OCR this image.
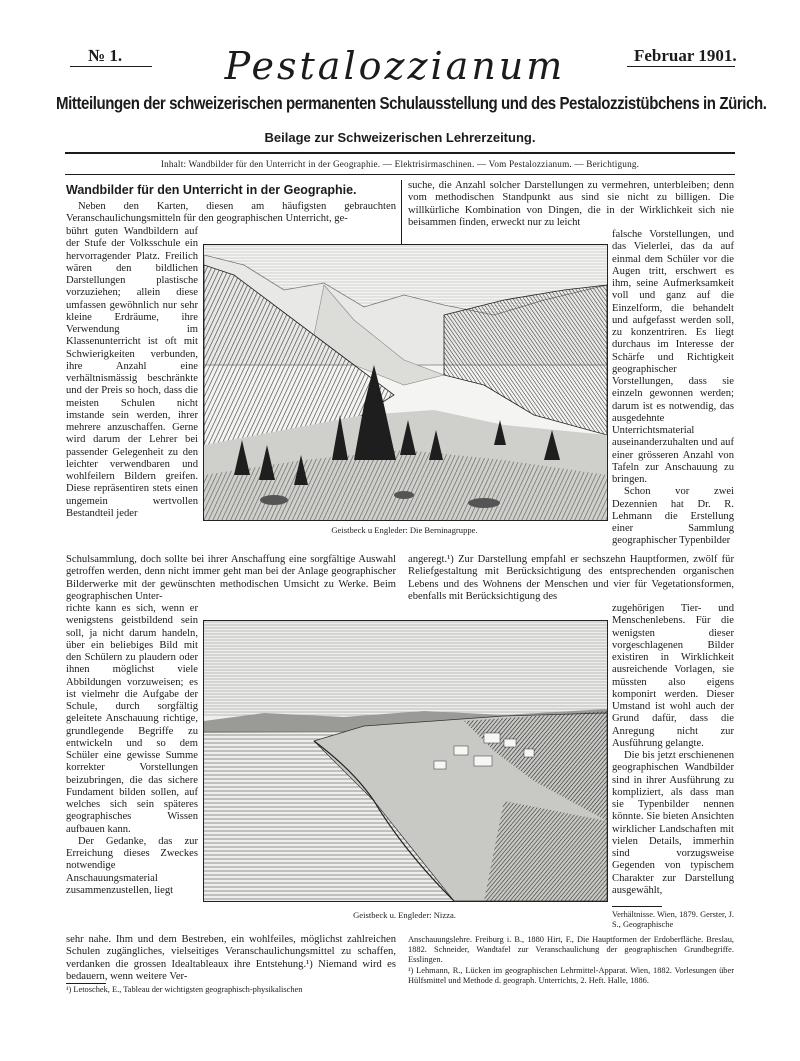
№ 1.	Februar 1901.
Pestalozzianum
Mitteilungen der schweizerischen permanenten Schulausstellung und des Pestalozzistübchens in Zürich.
Beilage zur Schweizerischen Lehrerzeitung.
Inhalt: Wandbilder für den Unterricht in der Geographie. — Elektrisirmaschinen. — Vom Pestalozzianum. — Berichtigung.
Wandbilder für den Unterricht in der Geographie.

Neben den Karten, diesen am häufigsten gebrauchten Veranschaulichungsmitteln für den geographischen Unterricht, ge-

bührt guten Wandbildern auf der Stufe der Volksschule ein hervorragender Platz. Freilich wären den bildlichen Darstellungen plastische vorzuziehen; allein diese umfassen gewöhnlich nur sehr kleine Erdräume, ihre Verwendung im Klassenunterricht ist oft mit Schwierigkeiten verbunden, ihre Anzahl eine verhältnismässig beschränkte und der Preis so hoch, dass die meisten Schulen nicht imstande sein werden, ihrer mehrere anzuschaffen. Gerne wird darum der Lehrer bei passender Gelegenheit zu den leichter verwendbaren und wohlfeilern Bildern greifen. Diese repräsentiren stets einen ungemein wertvollen Bestandteil jeder

suche, die Anzahl solcher Darstellungen zu vermehren, unterbleiben; denn vom methodischen Standpunkt aus sind sie nicht zu billigen. Die willkürliche Kombination von Dingen, die in der Wirklichkeit sich nie beisammen finden, erweckt nur zu leicht

falsche Vorstellungen, und das Vielerlei, das da auf einmal dem Schüler vor die Augen tritt, erschwert es ihm, seine Aufmerksamkeit voll und ganz auf die Einzelform, die behandelt und aufgefasst werden soll, zu konzentriren. Es liegt durchaus im Interesse der Schärfe und Richtigkeit geographischer Vorstellungen, dass sie einzeln gewonnen werden; darum ist es notwendig, das ausgedehnte Unterrichtsmaterial auseinanderzuhalten und auf einer grösseren Anzahl von Tafeln zur Anschauung zu bringen.

Schon vor zwei Dezennien hat Dr. R. Lehmann die Erstellung einer Sammlung geographischer Typenbilder

Geistbeck u Engleder: Die Berninagruppe.

Schulsammlung, doch sollte bei ihrer Anschaffung eine sorgfältige Auswahl getroffen werden, denn nicht immer geht man bei der Anlage geographischer Bilderwerke mit der gewünschten methodischen Umsicht zu Werke. Beim geographischen Unter-

richte kann es sich, wenn er wenigstens geistbildend sein soll, ja nicht darum handeln, über ein beliebiges Bild mit den Schülern zu plaudern oder ihnen möglichst viele Abbildungen vorzuweisen; es ist vielmehr die Aufgabe der Schule, durch sorgfältig geleitete Anschauung richtige, grundlegende Begriffe zu entwickeln und so dem Schüler eine gewisse Summe korrekter Vorstellungen beizubringen, die das sichere Fundament bilden sollen, auf welches sich sein späteres geographisches Wissen aufbauen kann.

Der Gedanke, das zur Erreichung dieses Zweckes notwendige Anschauungsmaterial zusammenzustellen, liegt

angeregt.¹) Zur Darstellung empfahl er sechszehn Hauptformen, zwölf für Reliefgestaltung mit Berücksichtigung des entsprechenden organischen Lebens und des Wohnens der Menschen und vier für Vegetationsformen, ebenfalls mit Berücksichtigung des

zugehörigen Tier- und Menschenlebens. Für die wenigsten dieser vorgeschlagenen Bilder existiren in Wirklichkeit ausreichende Vorlagen, sie müssten also eigens komponirt werden. Dieser Umstand ist wohl auch der Grund dafür, dass die Anregung nicht zur Ausführung gelangte.

Die bis jetzt erschienenen geographischen Wandbilder sind in ihrer Ausführung zu kompliziert, als dass man sie Typenbilder nennen könnte. Sie bieten Ansichten wirklicher Landschaften mit vielen Details, immerhin sind vorzugsweise Gegenden von typischem Charakter zur Darstellung ausgewählt,

Geistbeck u. Engleder: Nizza.

sehr nahe. Ihm und dem Bestreben, ein wohlfeiles, möglichst zahlreichen Schulen zugängliches, vielseitiges Veranschaulichungsmittel zu schaffen, verdanken die grossen Idealtableaux ihre Entstehung.¹) Niemand wird es bedauern, wenn weitere Ver-

¹) Letoschek, E., Tableau der wichtigsten geographisch-physikalischen
Verhältnisse. Wien, 1879. Gerster, J. S., Geographische
Anschauungslehre. Freiburg i. B., 1880 Hirt, F., Die Hauptformen der Erdoberfläche. Breslau, 1882. Schneider, Wandtafel zur Veranschaulichung der geographischen Grundbegriffe. Esslingen.
¹) Lehmann, R., Lücken im geographischen Lehrmittel-Apparat. Wien, 1882. Vorlesungen über Hülfsmittel und Methode d. geograph. Unterrichts, 2. Heft. Halle, 1886.
